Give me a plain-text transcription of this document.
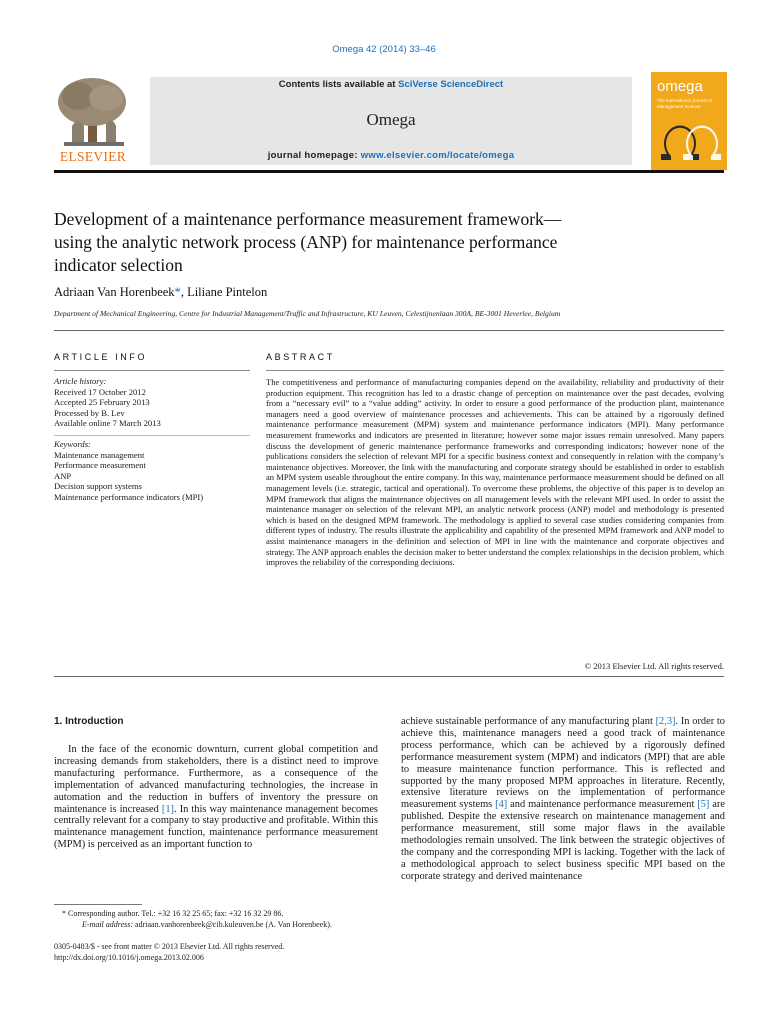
Omega 42 (2014) 33–46
ELSEVIER
Contents lists available at SciVerse ScienceDirect
Omega
journal homepage: www.elsevier.com/locate/omega
omega
The International Journal of Management Science
Development of a maintenance performance measurement framework—using the analytic network process (ANP) for maintenance performance indicator selection
Adriaan Van Horenbeek*, Liliane Pintelon
Department of Mechanical Engineering, Centre for Industrial Management/Traffic and Infrastructure, KU Leuven, Celestijnenlaan 300A, BE-3001 Heverlee, Belgium
ARTICLE INFO	ABSTRACT
Article history:
Received 17 October 2012
Accepted 25 February 2013
Processed by B. Lev
Available online 7 March 2013
Keywords:
Maintenance management
Performance measurement
ANP
Decision support systems
Maintenance performance indicators (MPI)
The competitiveness and performance of manufacturing companies depend on the availability, reliability and productivity of their production equipment. This recognition has led to a drastic change of perception on maintenance over the past decades, evolving from a “necessary evil” to a “value adding” activity. In order to ensure a good performance of the production plant, maintenance managers need a good overview of maintenance processes and achievements. This can be attained by a rigorously defined maintenance performance measurement (MPM) system and maintenance performance indicators (MPI). Many performance measurement frameworks and indicators are presented in literature; however some major issues remain unresolved. Many papers discuss the development of generic maintenance performance frameworks and corresponding indicators; however none of the publications considers the selection of relevant MPI for a specific business context and consequently in relation with the company’s maintenance objectives. Moreover, the link with the manufacturing and corporate strategy should be established in order to establish an MPM system useable throughout the entire company. In this way, maintenance performance measurement should be defined on all management levels (i.e. strategic, tactical and operational). To overcome these problems, the objective of this paper is to develop an MPM framework that aligns the maintenance objectives on all management levels with the relevant MPI used. In order to assist the maintenance manager on selection of the relevant MPI, an analytic network process (ANP) model and methodology is presented which is based on the designed MPM framework. The methodology is applied to several case studies considering companies from different types of industry. The results illustrate the applicability and capability of the presented MPM framework and ANP model to assist maintenance managers in the definition and selection of MPI in line with the maintenance and corporate objectives and strategy. The ANP approach enables the decision maker to better understand the complex relationships in the decision problem, which improves the reliability of the corresponding decisions.
© 2013 Elsevier Ltd. All rights reserved.
1. Introduction
In the face of the economic downturn, current global competition and increasing demands from stakeholders, there is a distinct need to improve manufacturing performance. Furthermore, as a consequence of the implementation of advanced manufacturing technologies, the increase in automation and the reduction in buffers of inventory the pressure on maintenance is increased [1]. In this way maintenance management becomes centrally relevant for a company to stay productive and profitable. Within this maintenance management function, maintenance performance measurement (MPM) is perceived as an important function to
achieve sustainable performance of any manufacturing plant [2,3]. In order to achieve this, maintenance managers need a good track of maintenance process performance, which can be achieved by a rigorously defined performance measurement system (MPM) and indicators (MPI) that are able to measure maintenance function performance. This is reflected and supported by the many proposed MPM approaches in literature. Recently, extensive literature reviews on the implementation of performance measurement systems [4] and maintenance performance measurement [5] are published. Despite the extensive research on maintenance management and performance measurement, still some major flaws in the available methodologies remain unsolved. The link between the strategic objectives of the company and the corresponding MPI is lacking. Together with the lack of a methodological approach to select business specific MPI based on the corporate strategy and derived maintenance
* Corresponding author. Tel.: +32 16 32 25 65; fax: +32 16 32 29 86.
E-mail address: adriaan.vanhorenbeek@cib.kuleuven.be (A. Van Horenbeek).
0305-0483/$ - see front matter © 2013 Elsevier Ltd. All rights reserved.
http://dx.doi.org/10.1016/j.omega.2013.02.006
